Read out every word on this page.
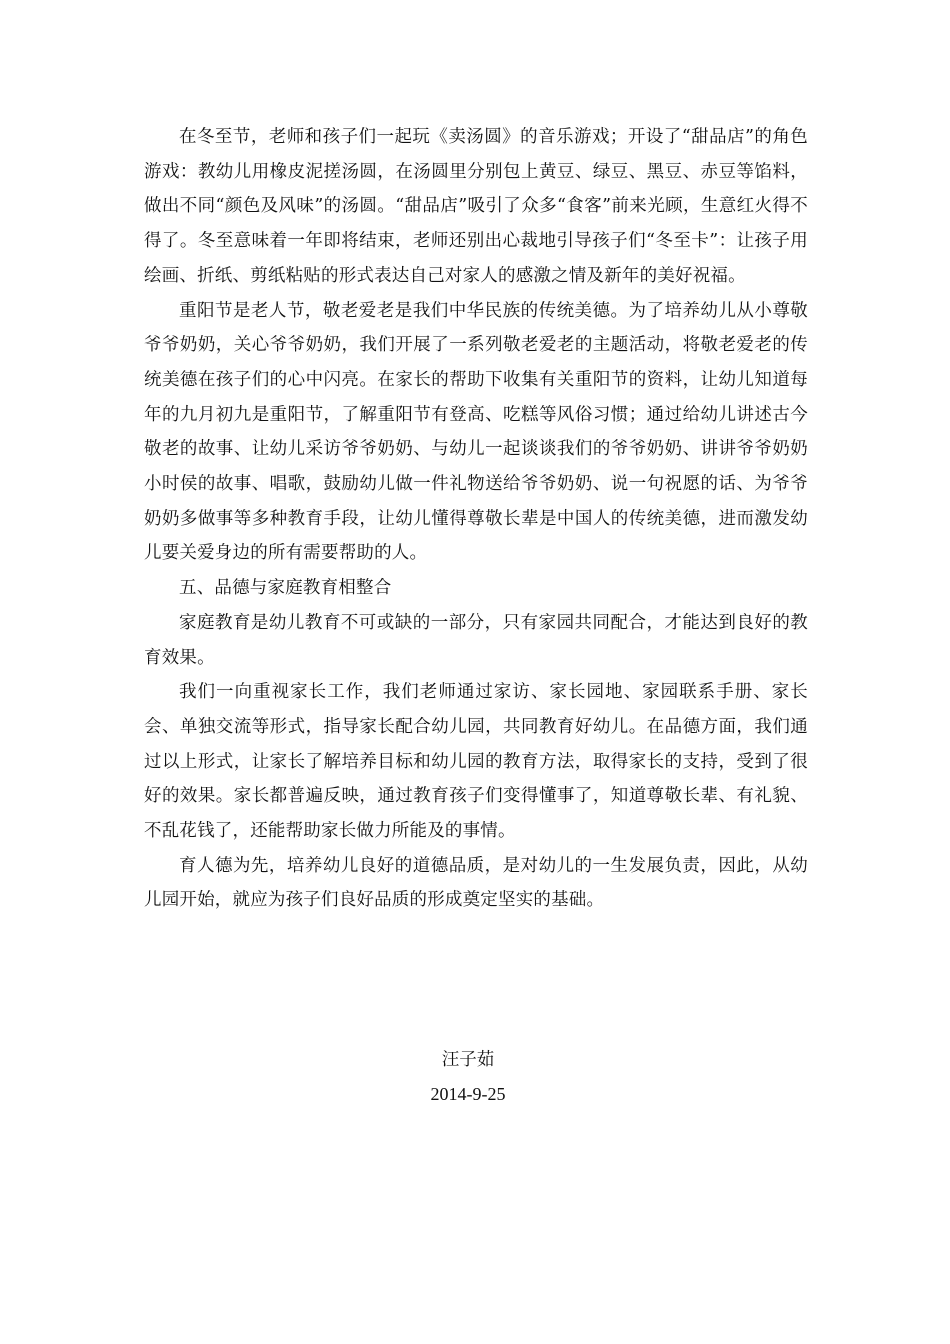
在冬至节，老师和孩子们一起玩《卖汤圆》的音乐游戏；开设了“甜品店”的角色游戏：教幼儿用橡皮泥搓汤圆，在汤圆里分别包上黄豆、绿豆、黑豆、赤豆等馅料，做出不同“颜色及风味”的汤圆。“甜品店”吸引了众多“食客”前来光顾，生意红火得不得了。冬至意味着一年即将结束，老师还别出心裁地引导孩子们“冬至卡”：让孩子用绘画、折纸、剪纸粘贴的形式表达自己对家人的感激之情及新年的美好祝福。

重阳节是老人节，敬老爱老是我们中华民族的传统美德。为了培养幼儿从小尊敬爷爷奶奶，关心爷爷奶奶，我们开展了一系列敬老爱老的主题活动，将敬老爱老的传统美德在孩子们的心中闪亮。在家长的帮助下收集有关重阳节的资料，让幼儿知道每年的九月初九是重阳节，了解重阳节有登高、吃糕等风俗习惯；通过给幼儿讲述古今敬老的故事、让幼儿采访爷爷奶奶、与幼儿一起谈谈我们的爷爷奶奶、讲讲爷爷奶奶小时侯的故事、唱歌，鼓励幼儿做一件礼物送给爷爷奶奶、说一句祝愿的话、为爷爷奶奶多做事等多种教育手段，让幼儿懂得尊敬长辈是中国人的传统美德，进而激发幼儿要关爱身边的所有需要帮助的人。

五、品德与家庭教育相整合

家庭教育是幼儿教育不可或缺的一部分，只有家园共同配合，才能达到良好的教育效果。

我们一向重视家长工作，我们老师通过家访、家长园地、家园联系手册、家长会、单独交流等形式，指导家长配合幼儿园，共同教育好幼儿。在品德方面，我们通过以上形式，让家长了解培养目标和幼儿园的教育方法，取得家长的支持，受到了很好的效果。家长都普遍反映，通过教育孩子们变得懂事了，知道尊敬长辈、有礼貌、不乱花钱了，还能帮助家长做力所能及的事情。

育人德为先，培养幼儿良好的道德品质，是对幼儿的一生发展负责，因此，从幼儿园开始，就应为孩子们良好品质的形成奠定坚实的基础。

汪子茹
2014-9-25
